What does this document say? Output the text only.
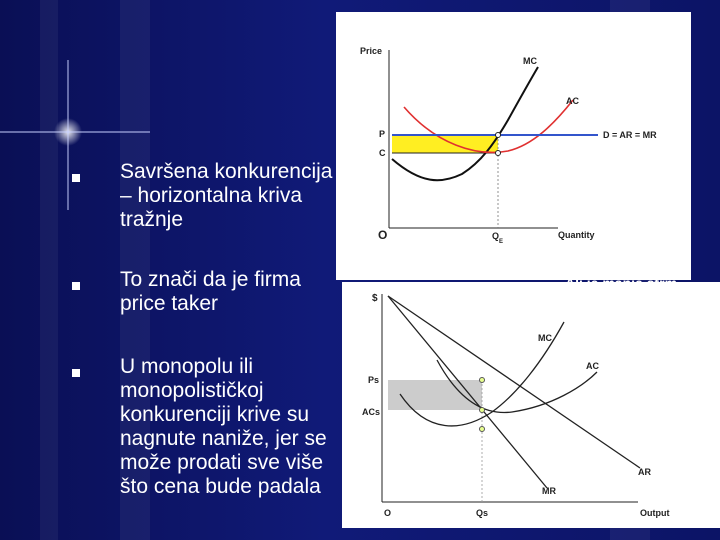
Savršena konkurencija – horizontalna kriva tražnje
To znači da je firma price taker
U monopolu ili monopolističkoj konkurenciji krive su nagnute naniže, jer se može prodati sve više što cena bude padala
Price
Quantity
O
P
C
$Q_E$
MC
AC
D = AR = MR
$
Output
O
Ps
ACs
Qs
MC
AC
AR
MR
Ali je manje strm
u monopolističko
konkurenciji
jer ima supstituta
